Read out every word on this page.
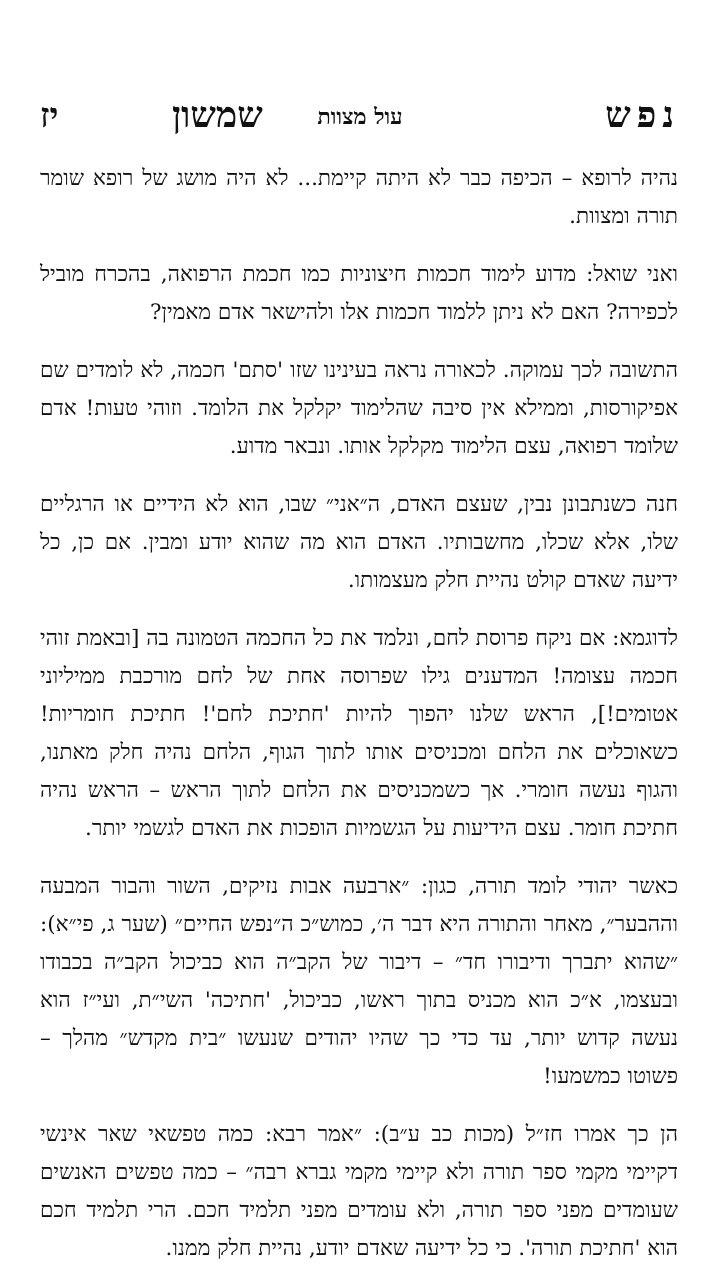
נפש
עול מצוות
שמשון
יז

נהיה לרופא – הכיפה כבר לא היתה קיימת... לא היה מושג של רופא שומר תורה ומצוות.

ואני שואל: מדוע לימוד חכמות חיצוניות כמו חכמת הרפואה, בהכרח מוביל לכפירה? האם לא ניתן ללמוד חכמות אלו ולהישאר אדם מאמין?

התשובה לכך עמוקה. לכאורה נראה בעינינו שזו 'סתם' חכמה, לא לומדים שם אפיקורסות, וממילא אין סיבה שהלימוד יקלקל את הלומד. וזוהי טעות! אדם שלומד רפואה, עצם הלימוד מקלקל אותו. ונבאר מדוע.

חנה כשנתבונן נבין, שעצם האדם, ה״אני״ שבו, הוא לא הידיים או הרגליים שלו, אלא שכלו, מחשבותיו. האדם הוא מה שהוא יודע ומבין. אם כן, כל ידיעה שאדם קולט נהיית חלק מעצמותו.

לדוגמא: אם ניקח פרוסת לחם, ונלמד את כל החכמה הטמונה בה [ובאמת זוהי חכמה עצומה! המדענים גילו שפרוסה אחת של לחם מורכבת ממיליוני אטומים!], הראש שלנו יהפוך להיות 'חתיכת לחם'! חתיכת חומריות! כשאוכלים את הלחם ומכניסים אותו לתוך הגוף, הלחם נהיה חלק מאתנו, והגוף נעשה חומרי. אך כשמכניסים את הלחם לתוך הראש – הראש נהיה חתיכת חומר. עצם הידיעות על הגשמיות הופכות את האדם לגשמי יותר.

כאשר יהודי לומד תורה, כגון: ״ארבעה אבות נזיקים, השור והבור המבעה וההבער״, מאחר והתורה היא דבר ה׳, כמוש״כ ה״נפש החיים״ (שער ג, פי״א): ״שהוא יתברך ודיבורו חד״ – דיבור של הקב״ה הוא כביכול הקב״ה בכבודו ובעצמו, א״כ הוא מכניס בתוך ראשו, כביכול, 'חתיכה' השי״ת, ועי״ז הוא נעשה קדוש יותר, עד כדי כך שהיו יהודים שנעשו ״בית מקדש״ מהלך – פשוטו כמשמעו!

הן כך אמרו חז״ל (מכות כב ע״ב): ״אמר רבא: כמה טפשאי שאר אינשי דקיימי מקמי ספר תורה ולא קיימי מקמי גברא רבה״ – כמה טפשים האנשים שעומדים מפני ספר תורה, ולא עומדים מפני תלמיד חכם. הרי תלמיד חכם הוא 'חתיכת תורה'. כי כל ידיעה שאדם יודע, נהיית חלק ממנו.
